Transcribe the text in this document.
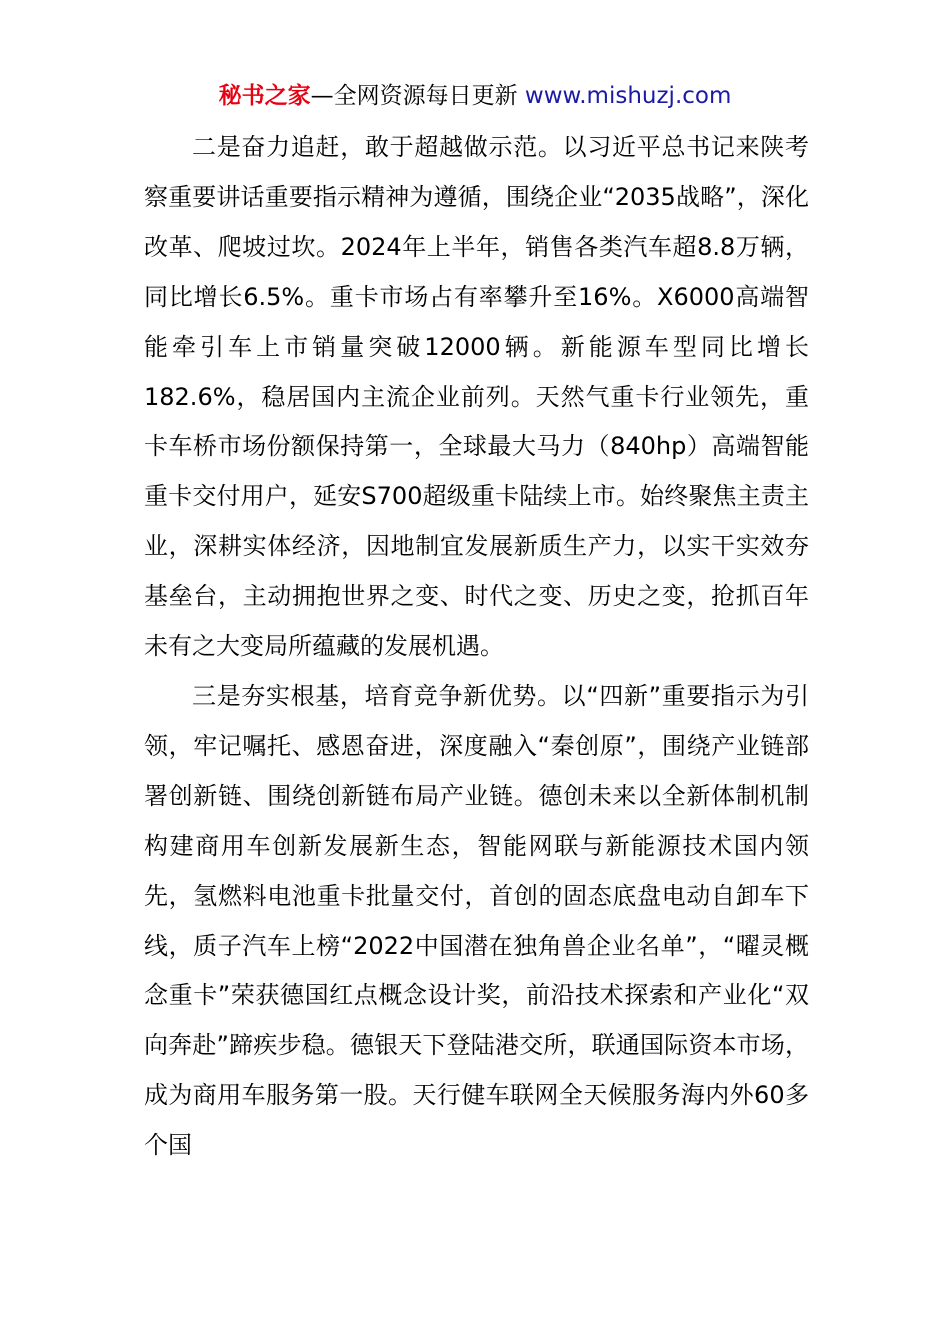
秘书之家—全网资源每日更新 www.mishuzj.com

二是奋力追赶，敢于超越做示范。以习近平总书记来陕考察重要讲话重要指示精神为遵循，围绕企业“2035战略”，深化改革、爬坡过坎。2024年上半年，销售各类汽车超8.8万辆，同比增长6.5%。重卡市场占有率攀升至16%。X6000高端智能牵引车上市销量突破12000辆。新能源车型同比增长182.6%，稳居国内主流企业前列。天然气重卡行业领先，重卡车桥市场份额保持第一，全球最大马力（840hp）高端智能重卡交付用户，延安S700超级重卡陆续上市。始终聚焦主责主业，深耕实体经济，因地制宜发展新质生产力，以实干实效夯基垒台，主动拥抱世界之变、时代之变、历史之变，抢抓百年未有之大变局所蕴藏的发展机遇。

三是夯实根基，培育竞争新优势。以“四新”重要指示为引领，牢记嘱托、感恩奋进，深度融入“秦创原”，围绕产业链部署创新链、围绕创新链布局产业链。德创未来以全新体制机制构建商用车创新发展新生态，智能网联与新能源技术国内领先，氢燃料电池重卡批量交付，首创的固态底盘电动自卸车下线，质子汽车上榜“2022中国潜在独角兽企业名单”，“曜灵概念重卡”荣获德国红点概念设计奖，前沿技术探索和产业化“双向奔赴”蹄疾步稳。德银天下登陆港交所，联通国际资本市场，成为商用车服务第一股。天行健车联网全天候服务海内外60多个国
